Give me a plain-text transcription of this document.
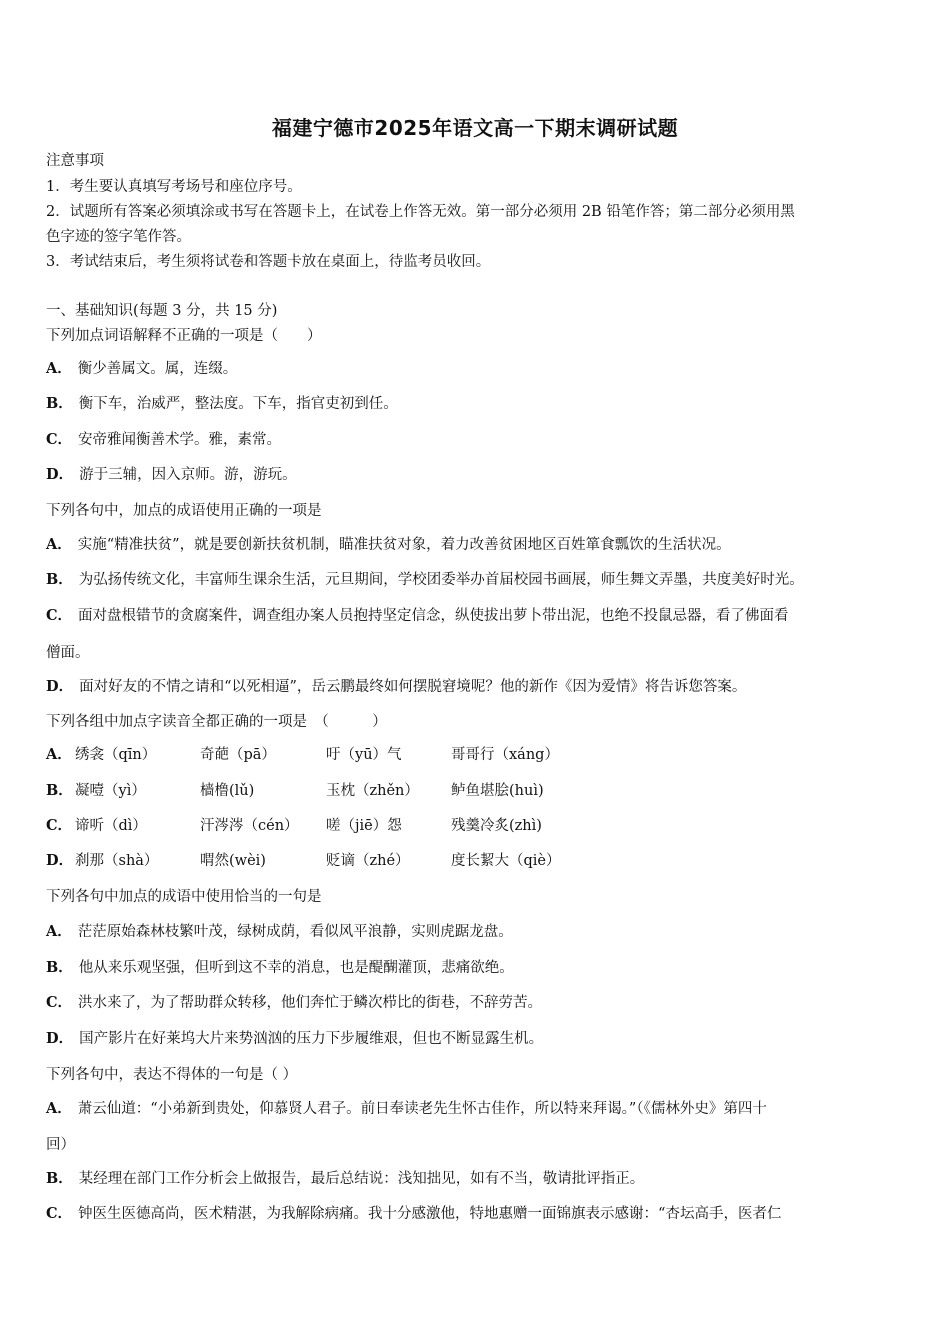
福建宁德市2025年语文高一下期末调研试题
注意事项
1．考生要认真填写考场号和座位序号。
2．试题所有答案必须填涂或书写在答题卡上，在试卷上作答无效。第一部分必须用 2B 铅笔作答；第二部分必须用黑
色字迹的签字笔作答。
3．考试结束后，考生须将试卷和答题卡放在桌面上，待监考员收回。
一、基础知识(每题 3 分，共 15 分)
下列加点词语解释不正确的一项是（　　）
A． 衡少善属文。属，连缀。
B． 衡下车，治威严，整法度。下车，指官吏初到任。
C． 安帝雅闻衡善术学。雅，素常。
D． 游于三辅，因入京师。游，游玩。
下列各句中，加点的成语使用正确的一项是
A． 实施“精准扶贫”，就是要创新扶贫机制，瞄准扶贫对象，着力改善贫困地区百姓箪食瓢饮的生活状况。
B． 为弘扬传统文化，丰富师生课余生活，元旦期间，学校团委举办首届校园书画展，师生舞文弄墨，共度美好时光。
C． 面对盘根错节的贪腐案件，调查组办案人员抱持坚定信念，纵使拔出萝卜带出泥，也绝不投鼠忌器，看了佛面看
僧面。
D． 面对好友的不情之请和“以死相逼”，岳云鹏最终如何摆脱窘境呢？他的新作《因为爱情》将告诉您答案。
下列各组中加点字读音全都正确的一项是　（　　　）
A． 绣衾（qīn）	奇葩（pā）	吁（yū）气	哥哥行（xáng）
B． 凝噎（yì）	樯橹(lǔ)	玉枕（zhěn） 鲈鱼堪脍(huì)
C． 谛听（dì）	汗涔涔（cén） 嗟（jiē）怨	残羹冷炙(zhì)
D． 刹那（shà）	喟然(wèi)	贬谪（zhé）	度长絜大（qiè）
下列各句中加点的成语中使用恰当的一句是
A． 茫茫原始森林枝繁叶茂，绿树成荫，看似风平浪静，实则虎踞龙盘。
B． 他从来乐观坚强，但听到这不幸的消息，也是醍醐灌顶，悲痛欲绝。
C． 洪水来了，为了帮助群众转移，他们奔忙于鳞次栉比的街巷，不辞劳苦。
D． 国产影片在好莱坞大片来势汹汹的压力下步履维艰，但也不断显露生机。
下列各句中，表达不得体的一句是（ ）
A． 萧云仙道：“小弟新到贵处，仰慕贤人君子。前日奉读老先生怀古佳作，所以特来拜谒。”（《儒林外史》第四十
回）
B． 某经理在部门工作分析会上做报告，最后总结说：浅知拙见，如有不当，敬请批评指正。
C． 钟医生医德高尚，医术精湛，为我解除病痛。我十分感激他，特地惠赠一面锦旗表示感谢：“杏坛高手，医者仁
